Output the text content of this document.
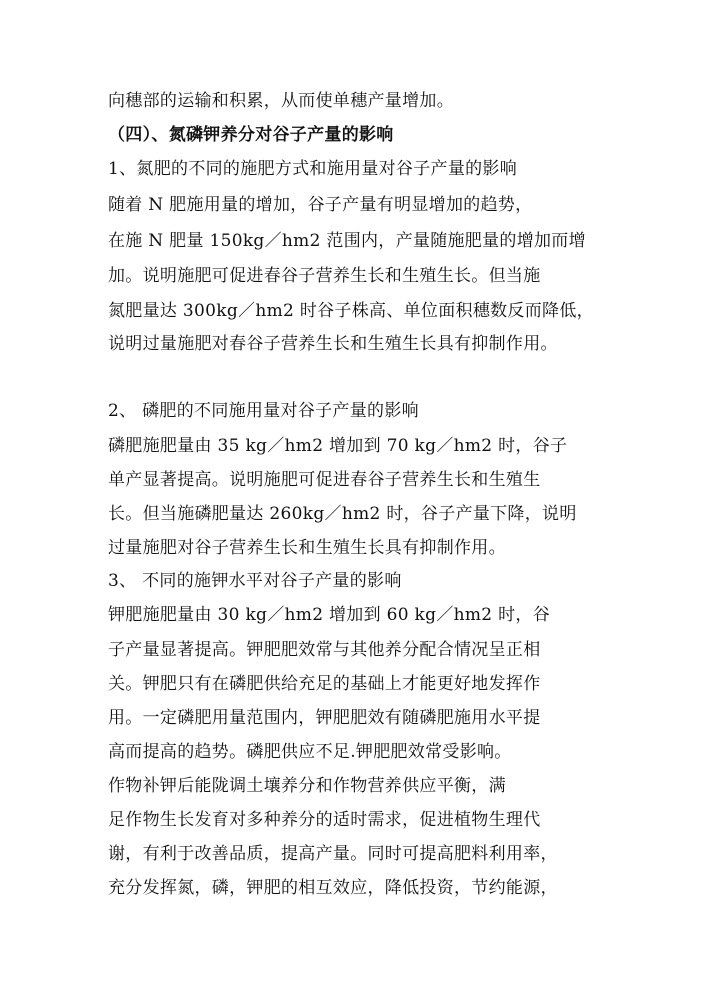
向穗部的运输和积累，从而使单穗产量增加。
（四）、氮磷钾养分对谷子产量的影响
1、氮肥的不同的施肥方式和施用量对谷子产量的影响
随着 N 肥施用量的增加，谷子产量有明显增加的趋势，
在施 N 肥量 150kg／hm2 范围内，产量随施肥量的增加而增
加。说明施肥可促进春谷子营养生长和生殖生长。但当施
氮肥量达 300kg／hm2 时谷子株高、单位面积穗数反而降低，
说明过量施肥对春谷子营养生长和生殖生长具有抑制作用。
2、 磷肥的不同施用量对谷子产量的影响
磷肥施肥量由 35 kg／hm2 增加到 70 kg／hm2 时，谷子
单产显著提高。说明施肥可促进春谷子营养生长和生殖生
长。但当施磷肥量达 260kg／hm2 时，谷子产量下降，说明
过量施肥对谷子营养生长和生殖生长具有抑制作用。
3、 不同的施钾水平对谷子产量的影响
钾肥施肥量由 30 kg／hm2 增加到 60 kg／hm2 时，谷
子产量显著提高。钾肥肥效常与其他养分配合情况呈正相
关。钾肥只有在磷肥供给充足的基础上才能更好地发挥作
用。一定磷肥用量范围内，钾肥肥效有随磷肥施用水平提
高而提高的趋势。磷肥供应不足.钾肥肥效常受影响。
作物补钾后能陇调土壤养分和作物营养供应平衡，满
足作物生长发育对多种养分的适时需求，促进植物生理代
谢，有利于改善品质，提高产量。同时可提高肥料利用率，
充分发挥氮，磷，钾肥的相互效应，降低投资，节约能源，
